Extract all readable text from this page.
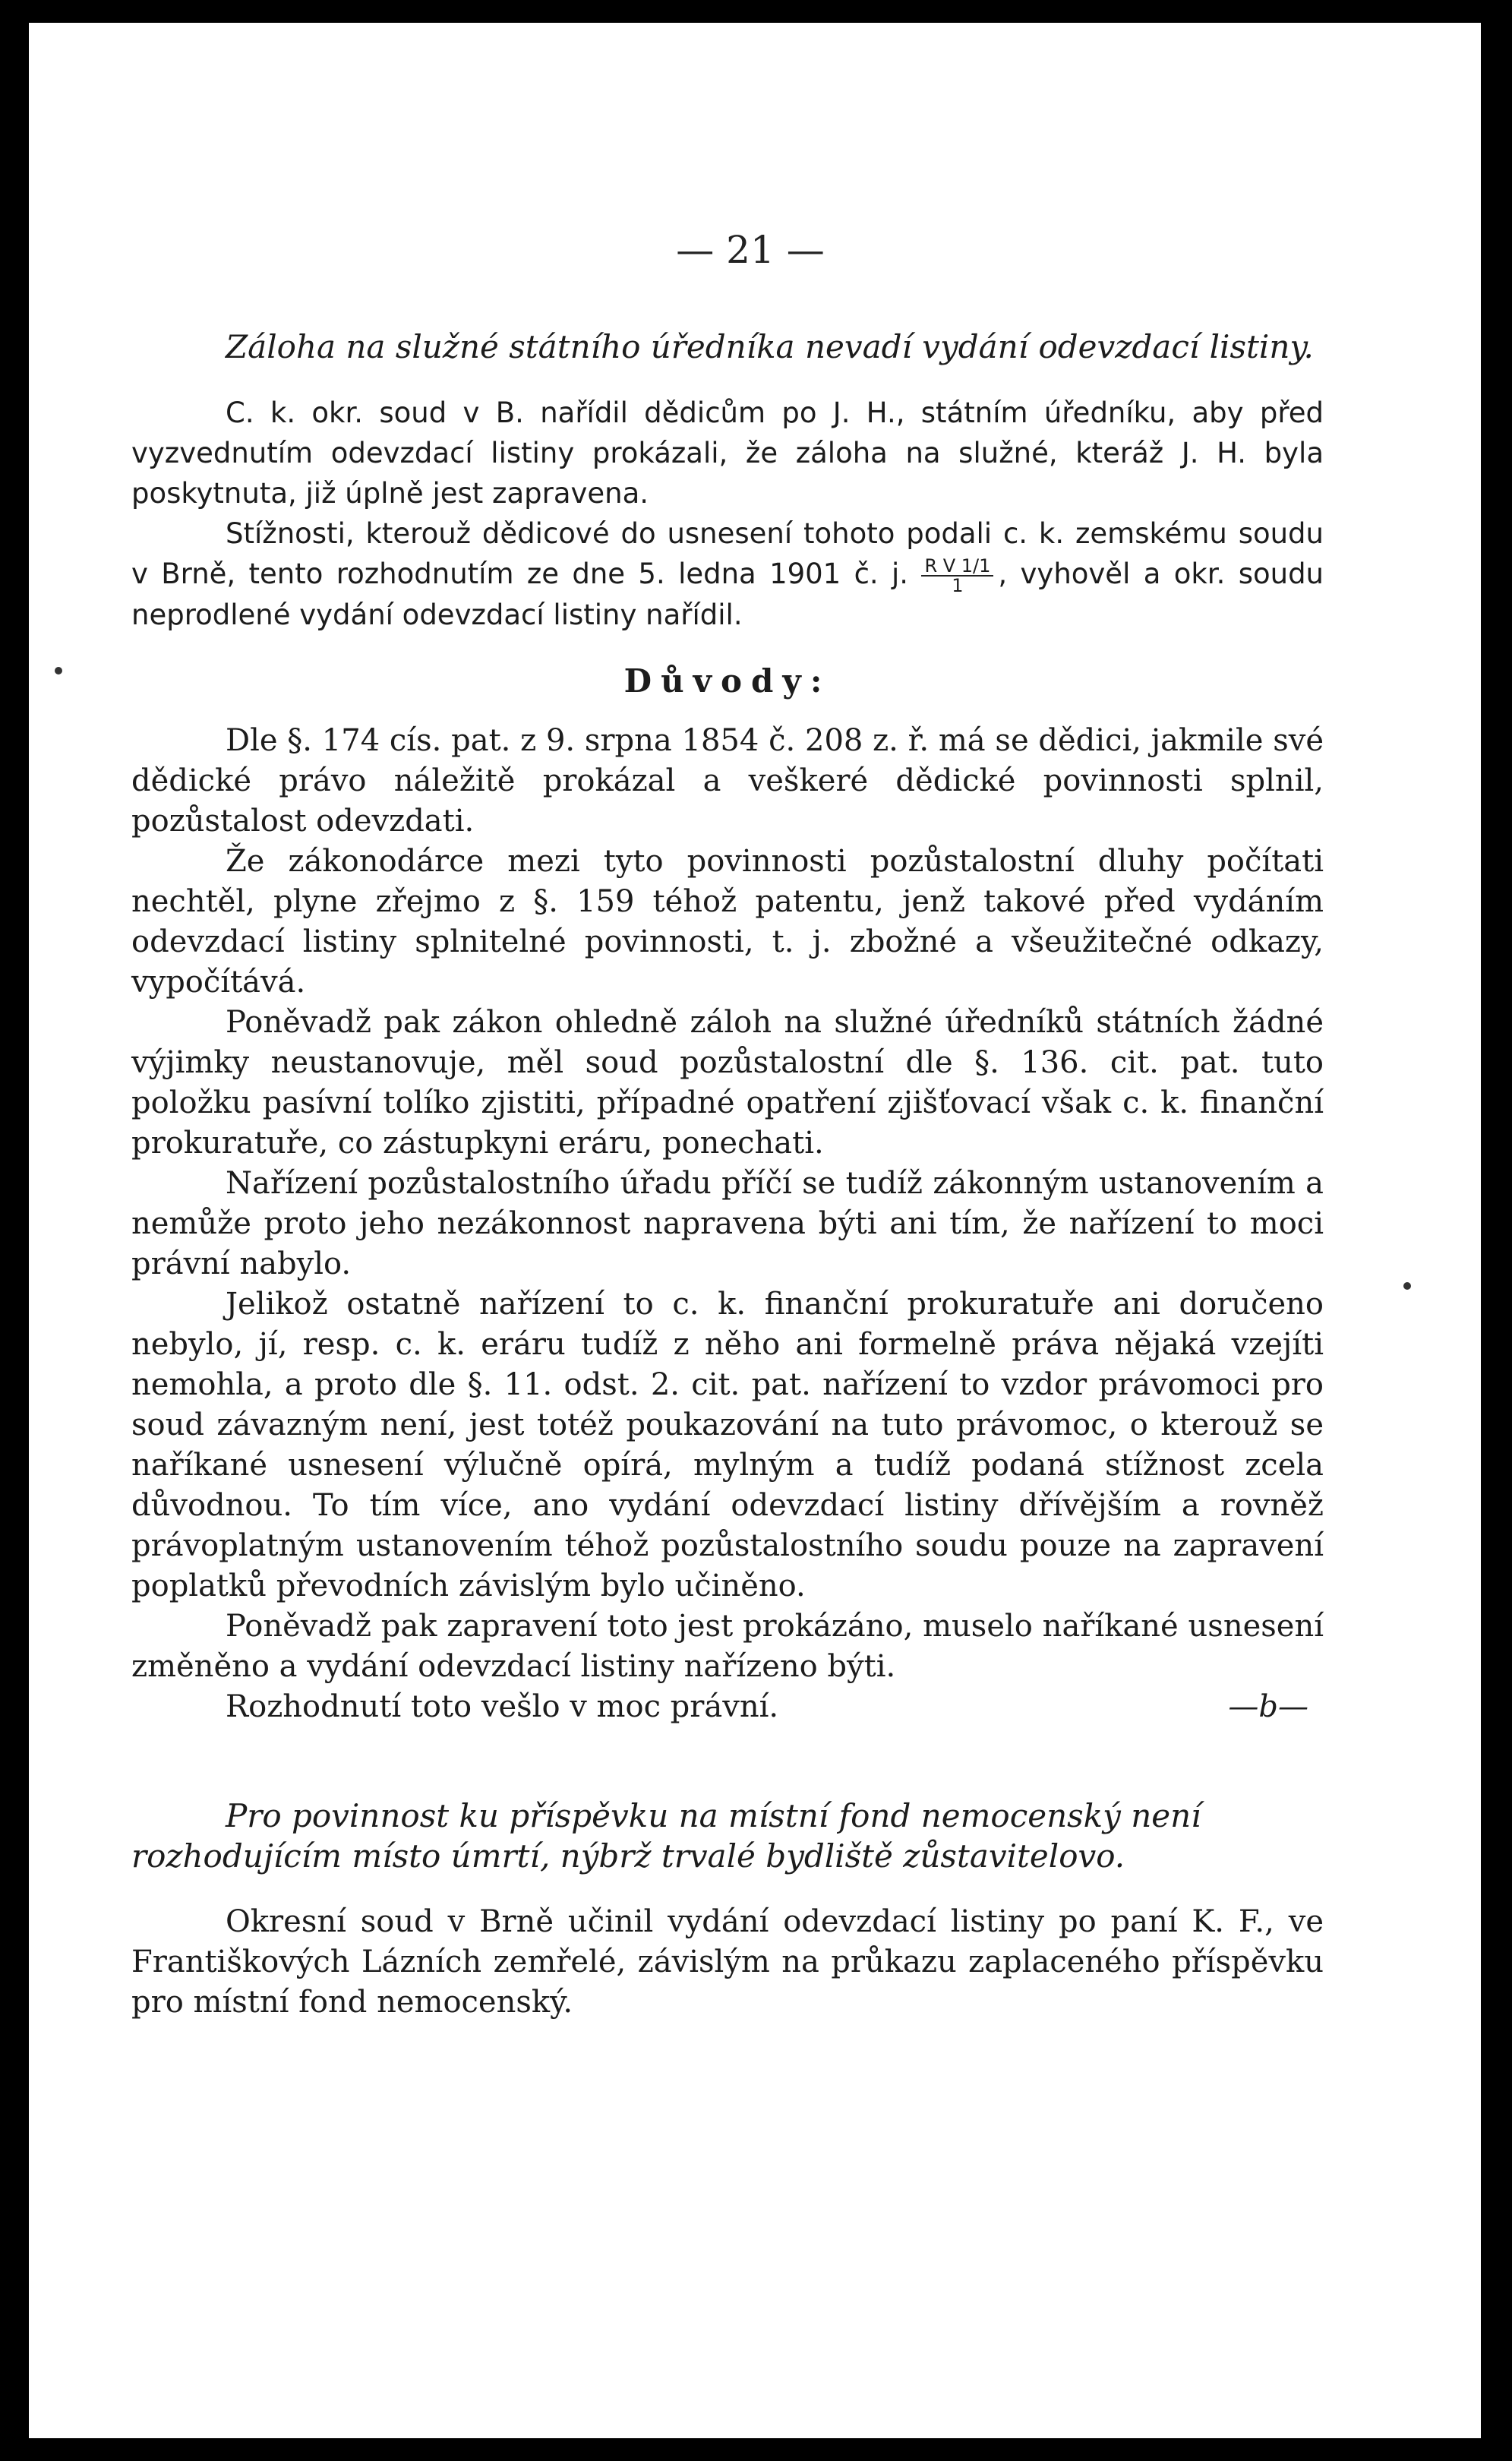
— 21 —

Záloha na služné státního úředníka nevadí vydání odevzdací listiny.

C. k. okr. soud v B. nařídil dědicům po J. H., státním úředníku, aby před vyzvednutím odevzdací listiny prokázali, že záloha na služné, kteráž J. H. byla poskytnuta, již úplně jest zapravena.

Stížnosti, kterouž dědicové do usnesení tohoto podali c. k. zemskému soudu v Brně, tento rozhodnutím ze dne 5. ledna 1901 č. j. $\frac{\text{R V 1/1}}{1}$ , vyhověl a okr. soudu neprodlené vydání odevzdací listiny nařídil.

Důvody:

Dle §. 174 cís. pat. z 9. srpna 1854 č. 208 z. ř. má se dědici, jakmile své dědické právo náležitě prokázal a veškeré dědické povinnosti splnil, pozůstalost odevzdati.

Že zákonodárce mezi tyto povinnosti pozůstalostní dluhy počítati nechtěl, plyne zřejmo z §. 159 téhož patentu, jenž takové před vydáním odevzdací listiny splnitelné povinnosti, t. j. zbožné a všeužitečné odkazy, vypočítává.

Poněvadž pak zákon ohledně záloh na služné úředníků státních žádné výjimky neustanovuje, měl soud pozůstalostní dle §. 136. cit. pat. tuto položku pasívní tolíko zjistiti, případné opatření zjišťovací však c. k. finanční prokuratuře, co zástupkyni eráru, ponechati.

Nařízení pozůstalostního úřadu příčí se tudíž zákonným ustanovením a nemůže proto jeho nezákonnost napravena býti ani tím, že nařízení to moci právní nabylo.

Jelikož ostatně nařízení to c. k. finanční prokuratuře ani doručeno nebylo, jí, resp. c. k. eráru tudíž z něho ani formelně práva nějaká vzejíti nemohla, a proto dle §. 11. odst. 2. cit. pat. nařízení to vzdor právomoci pro soud závazným není, jest totéž poukazování na tuto právomoc, o kterouž se naříkané usnesení výlučně opírá, mylným a tudíž podaná stížnost zcela důvodnou. To tím více, ano vydání odevzdací listiny dřívějším a rovněž právoplatným ustanovením téhož pozůstalostního soudu pouze na zapravení poplatků převodních závislým bylo učiněno.

Poněvadž pak zapravení toto jest prokázáno, muselo naříkané usnesení změněno a vydání odevzdací listiny nařízeno býti.

Rozhodnutí toto vešlo v moc právní.	—b—

Pro povinnost ku příspěvku na místní fond nemocenský není rozhodujícím místo úmrtí, nýbrž trvalé bydliště zůstavitelovo.

Okresní soud v Brně učinil vydání odevzdací listiny po paní K. F., ve Františkových Lázních zemřelé, závislým na průkazu zaplaceného příspěvku pro místní fond nemocenský.
